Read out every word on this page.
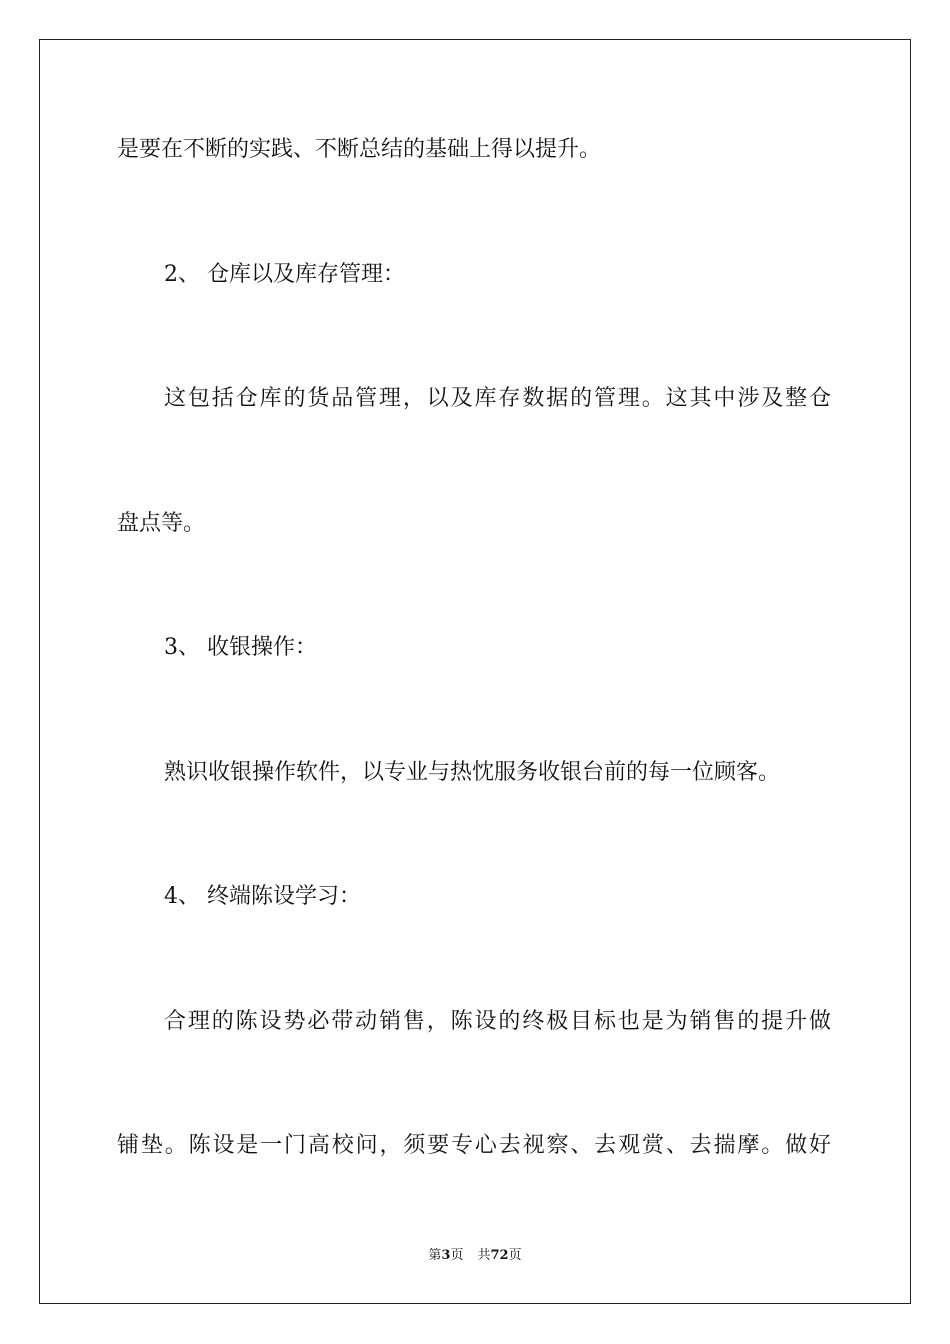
是要在不断的实践、不断总结的基础上得以提升。

2、 仓库以及库存管理：

这包括仓库的货品管理，以及库存数据的管理。这其中涉及整仓

盘点等。

3、 收银操作：

熟识收银操作软件，以专业与热忱服务收银台前的每一位顾客。

4、 终端陈设学习：

合理的陈设势必带动销售，陈设的终极目标也是为销售的提升做

铺垫。陈设是一门高校问，须要专心去视察、去观赏、去揣摩。做好

第3页 共72页
